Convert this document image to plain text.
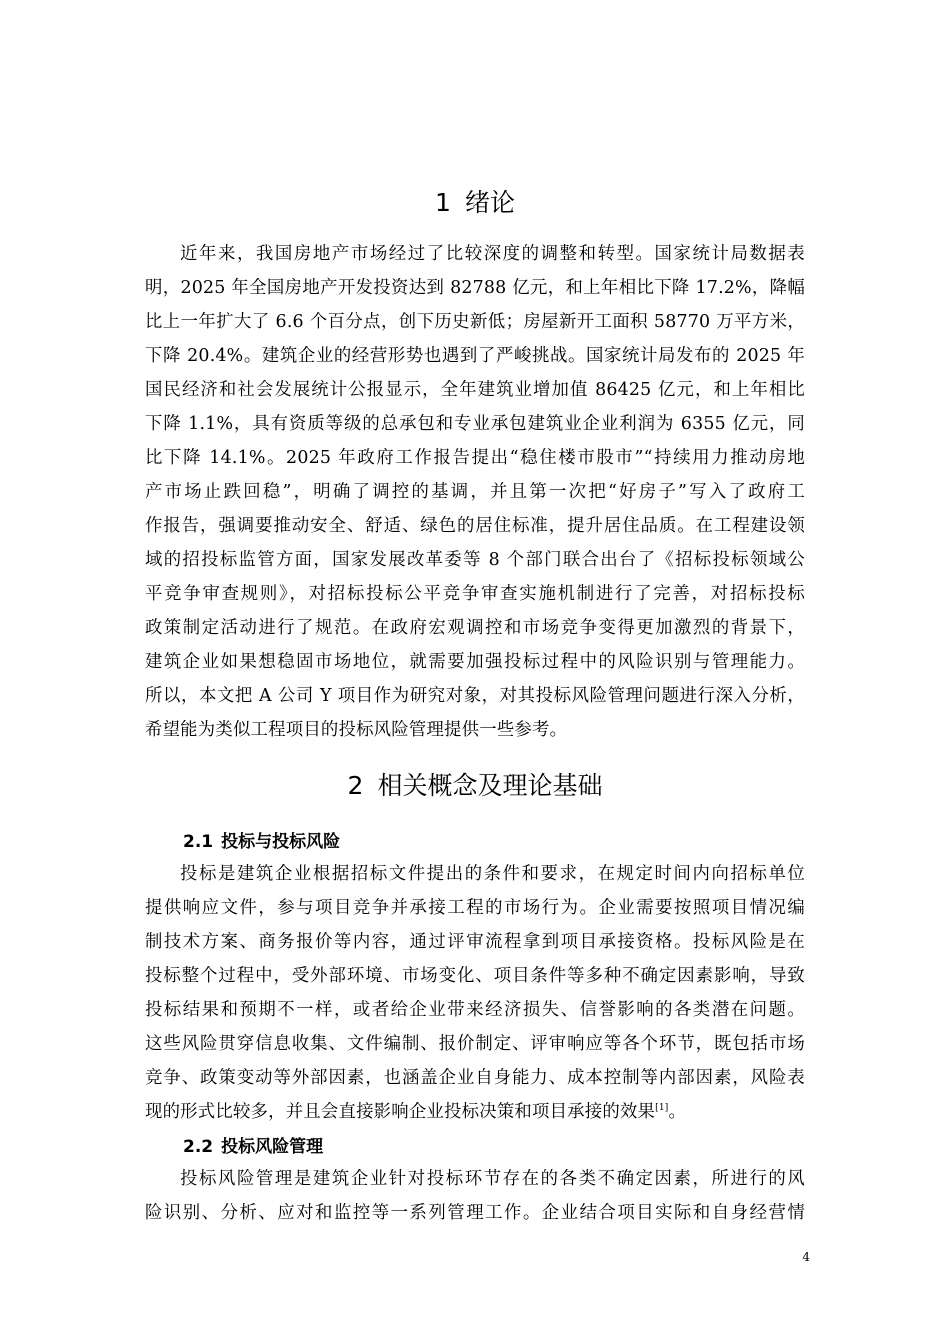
1 绪论
近年来，我国房地产市场经过了比较深度的调整和转型。国家统计局数据表
明，2025 年全国房地产开发投资达到 82788 亿元，和上年相比下降 17.2%，降幅
比上一年扩大了 6.6 个百分点，创下历史新低；房屋新开工面积 58770 万平方米，
下降 20.4%。建筑企业的经营形势也遇到了严峻挑战。国家统计局发布的 2025 年
国民经济和社会发展统计公报显示，全年建筑业增加值 86425 亿元，和上年相比
下降 1.1%，具有资质等级的总承包和专业承包建筑业企业利润为 6355 亿元，同
比下降 14.1%。2025 年政府工作报告提出“稳住楼市股市”“持续用力推动房地
产市场止跌回稳”，明确了调控的基调，并且第一次把“好房子”写入了政府工
作报告，强调要推动安全、舒适、绿色的居住标准，提升居住品质。在工程建设领
域的招投标监管方面，国家发展改革委等 8 个部门联合出台了《招标投标领域公
平竞争审查规则》，对招标投标公平竞争审查实施机制进行了完善，对招标投标
政策制定活动进行了规范。在政府宏观调控和市场竞争变得更加激烈的背景下，
建筑企业如果想稳固市场地位，就需要加强投标过程中的风险识别与管理能力。
所以，本文把 A 公司 Y 项目作为研究对象，对其投标风险管理问题进行深入分析，
希望能为类似工程项目的投标风险管理提供一些参考。
2 相关概念及理论基础
2.1 投标与投标风险
投标是建筑企业根据招标文件提出的条件和要求，在规定时间内向招标单位
提供响应文件，参与项目竞争并承接工程的市场行为。企业需要按照项目情况编
制技术方案、商务报价等内容，通过评审流程拿到项目承接资格。投标风险是在
投标整个过程中，受外部环境、市场变化、项目条件等多种不确定因素影响，导致
投标结果和预期不一样，或者给企业带来经济损失、信誉影响的各类潜在问题。
这些风险贯穿信息收集、文件编制、报价制定、评审响应等各个环节，既包括市场
竞争、政策变动等外部因素，也涵盖企业自身能力、成本控制等内部因素，风险表
现的形式比较多，并且会直接影响企业投标决策和项目承接的效果[1]。
2.2 投标风险管理
投标风险管理是建筑企业针对投标环节存在的各类不确定因素，所进行的风
险识别、分析、应对和监控等一系列管理工作。企业结合项目实际和自身经营情
4
